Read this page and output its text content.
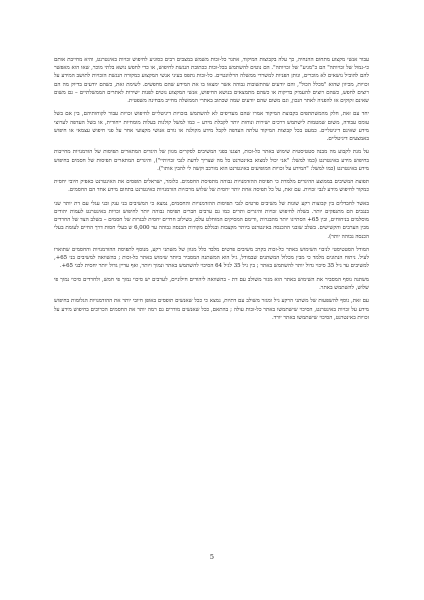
עבור אנשי מקצוע מתחום ההנחיה, כך עלה בקבוצות המיקוד, אתגר כל-זכות משמש במצבים רבים כסוגיע לחיפוש זכויות באינטרנט, והיא מחייבת אותם כי-גמול של זכויותה" הם כ"מגיע" של זכויותה". הם נוטים להשתמש בכל-זכות ככתובת הנגשת לחיפוש, או כדי לחפש נושא בלתי מוכר, שאו הוא מאפשר להם להוביל נושאים לא מוכרים, ונותן הפניות למשרדי ממשלה הרלוונטיים. כל-זכות נתפס בעיני אנשי המקצוע כמקורה הנגשת הזכויות לתושב המידע על זכויות, מכיוון שהוא "מכלל הכול", והם יודעים שהתשובות גבוהה אשר ימצאו בו את המידע שהם מחפשים. לשימת זאת, כשהם יודעים בדיוק מה הם רוצים לחפש, כשהם רוצים להעמיק בדיקות או כשהם מתמצאים בנושא החיפוש, אנשי המקצוע נוטים לפנות ישירות לאתרים הממשלתיים – גם משום שאינם זקוקים אז להפניה לאתר הנכון, וגם משום שהם יודעים שמה שכתוב באתרי הממשלה מחייב מבחינה משפטית.

יחד עם זאת, חלק מהמשתתפים בקבוצת המיקוד אמרו שהם מעדיפים לא להשתמש בזכויות דיגיטליים לחיפוש זכויות עבור לקוחותיהם, בין אם בשל עומס עבודה, משום שמטמות לישתמש דרכים ישירות ונוחות יותר לקבלת מידע – כמו למשל קולגות בעלות מומחיות ייחודית, או בשל העדפה לערוצי מידע שאינם דיגיטליים. כמעט בכל קבוצות המיקוד עלתה העדפה לקבל מידע מקולגה או גורם אנושי מקצועי אחר על פני חיפוש עצמאי או חיפוש באמצעים דיגיטליים.

על מנת לקבוע מה מבנה סטטיסטית שימוש באתר כל-זכות, הצגנו בפני המשיבים לסקרים מגוון של היגדים המתארים תפיסות של הזדמנויות מחייבות בחיפוש מידע באינטרנט (כמו למשל: "אני יכול למצוא באינטרנט כל מה שצריך לדעת לגבי זכויותיי"), והיגדים המתארים תפיסות של חסמים בחיפוש מידע באינטרנט (כמו למשל: "המידע על זכויות המופיעים באינטרנט הוא מורכב וקשה לי להבין אותו").

תפוצת המשיבים בממוצע ההיגדים מלמדת כי תפיסת ההזדמנויות גבוהה מתפיסת החסמים. כלומר, ישראלים תופסים את האינטרנט כאפיק חיובי יחסית כמקור לחיפוש מידע לגבי זכויות. עם זאת, על כל תפיסה אחת יותר יחסית של שלוש מרכזיות הזדמנויות כאינטרנט בתחום מידע אחד הם החסמים.

באשר לחבדלים בין קבוצות רקע שונות של משיבים פרטים לגבי תפיסות ההזדמנויות והחסמים, נמצא כי המשיבים בני ענק ובני עגלי עם דת יותר שני בנגבים הם מתנפקים יותר. בשלה לחיפוש זכויות והיגרים ותרים כמו גם ערבים חברים תפיסה גבוהה יותר לחיפוש זכויות באינטרנט לעמות יהודים מוסלמים בניחוחים, ובין 65+ הסתייגו יותר מהבגרות ,ודימם המסיקים המוחלט עלם, בשילוב חרדים יחסית לבגרות של חסמים – בשלב הצד של החרדים מבין הערבים והקשישים. בשלב שובני ההכנסה באינטרנט ביותר מקצבות ובגללם מקורות הכנסה גבוהה עד 6,000 ש בעלי חסות דרך החיים לעומת בעלי הכנסה גבוהה יותר).

המודל הסטטיסטי לניבוי השימוש באתר כל-זכות בקרב משיבים פרטים מלבד כלל מגוון של משתני רקע, מנוסף לתפיסת ההזדמנויות והחסמים שתוארו לעיל. ניתוח הנתונים מלמד כי מבין מכלול המשתנים שבמודל, גיל הוא המשתנה המסביר ביותר שימוש באתר כל-זכות ; בהשוואה למשיבים בני 65+, למשיבים עד גיל 35 סיכוי גדול יותר להשתמש באתר ; בין גיל 35 לגיל 64 הסיכוי להשתמש באתר ונמוך ויותר, ואף עדיין גדול יותר יחסית לבני 65+.

משתנה נוסף המסביר את השימוש באתר הוא מגזר משולב עם דת - בהשוואה ליהודים חילוניים, לערבים יש סיכוי נמוך פי חמש, ולחרדים סיכוי נמוך פי שלוש, להשתמש באתר.

עם זאת, גוסף להשפעות של משתני הרקע גיל ומגזר משולב עם דתיות, נמצא כי ככל שאנשים תופסים באופן חיובי יותר את ההזדמנויות הגלומות בחיפוש מידע על זכויות באינטרנט, הסיכוי שישתמשו באתר כל-זכות עולה ; בהתאם, ככל שאנשים מודרים גם רמה יותר את החסמים הכרוכים בחיפוש מידע על זכויות באינטרנט, הסיכוי שישתמשו באתר יורד.

5
